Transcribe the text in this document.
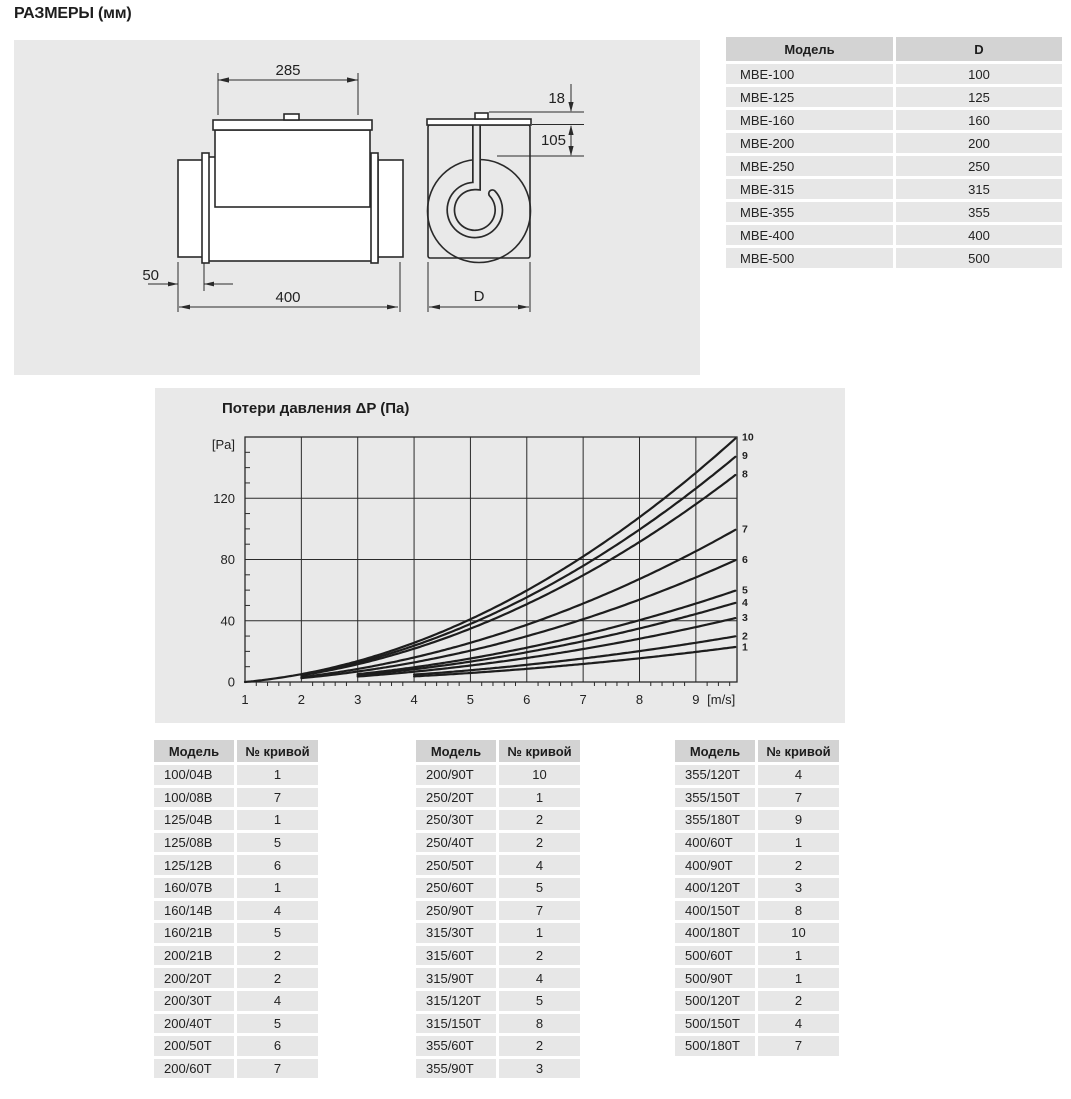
РАЗМЕРЫ (мм)
285
50
400
18
105
D
Модель	D
MBE-100	100
MBE-125	125
MBE-160	160
MBE-200	200
MBE-250	250
MBE-315	315
MBE-355	355
MBE-400	400
MBE-500	500
Потери давления ΔP (Па)
1
2
3
4
5
6
7
8
9
10
1	2	3	4	5	6	7	8	9
0
40
80
120
[Pa]
[m/s]
Модель	№ кривой
100/04B	1
100/08B	7
125/04B	1
125/08B	5
125/12B	6
160/07B	1
160/14B	4
160/21B	5
200/21B	2
200/20T	2
200/30T	4
200/40T	5
200/50T	6
200/60T	7
Модель	№ кривой
200/90T	10
250/20T	1
250/30T	2
250/40T	2
250/50T	4
250/60T	5
250/90T	7
315/30T	1
315/60T	2
315/90T	4
315/120T	5
315/150T	8
355/60T	2
355/90T	3
Модель	№ кривой
355/120T	4
355/150T	7
355/180T	9
400/60T	1
400/90T	2
400/120T	3
400/150T	8
400/180T	10
500/60T	1
500/90T	1
500/120T	2
500/150T	4
500/180T	7
